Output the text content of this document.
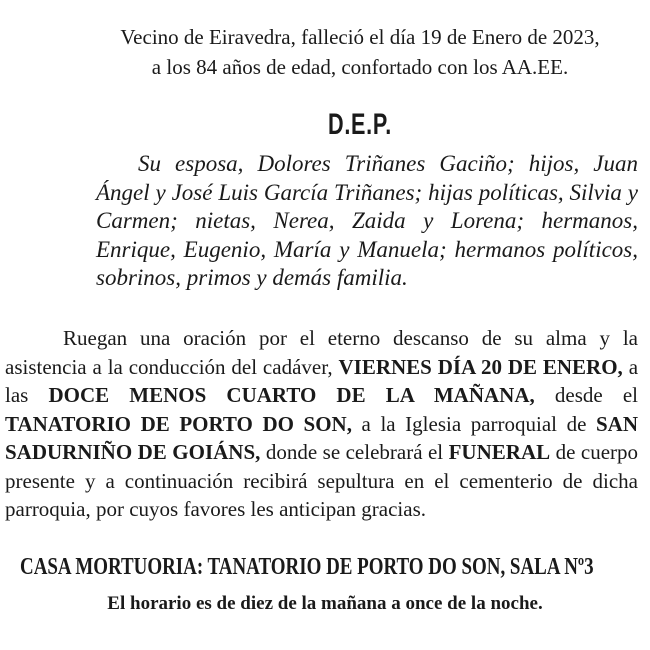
Vecino de Eiravedra, falleció el día 19 de Enero de 2023,
a los 84 años de edad, confortado con los AA.EE.
D.E.P.

Su esposa, Dolores Triñanes Gaciño; hijos, Juan Ángel y José Luis García Triñanes; hijas políticas, Silvia y Carmen; nietas, Nerea, Zaida y Lorena; hermanos, Enrique, Eugenio, María y Manuela; hermanos políticos, sobrinos, primos y demás familia.

Ruegan una oración por el eterno descanso de su alma y la asistencia a la conducción del cadáver, VIERNES DÍA 20 DE ENERO, a las DOCE MENOS CUARTO DE LA MAÑANA, desde el TANATORIO DE PORTO DO SON, a la Iglesia parroquial de SAN SADURNIÑO DE GOIÁNS, donde se celebrará el FUNERAL de cuerpo presente y a continuación recibirá sepultura en el cementerio de dicha parroquia, por cuyos favores les anticipan gracias.

CASA MORTUORIA: TANATORIO DE PORTO DO SON, SALA Nº3
El horario es de diez de la mañana a once de la noche.
